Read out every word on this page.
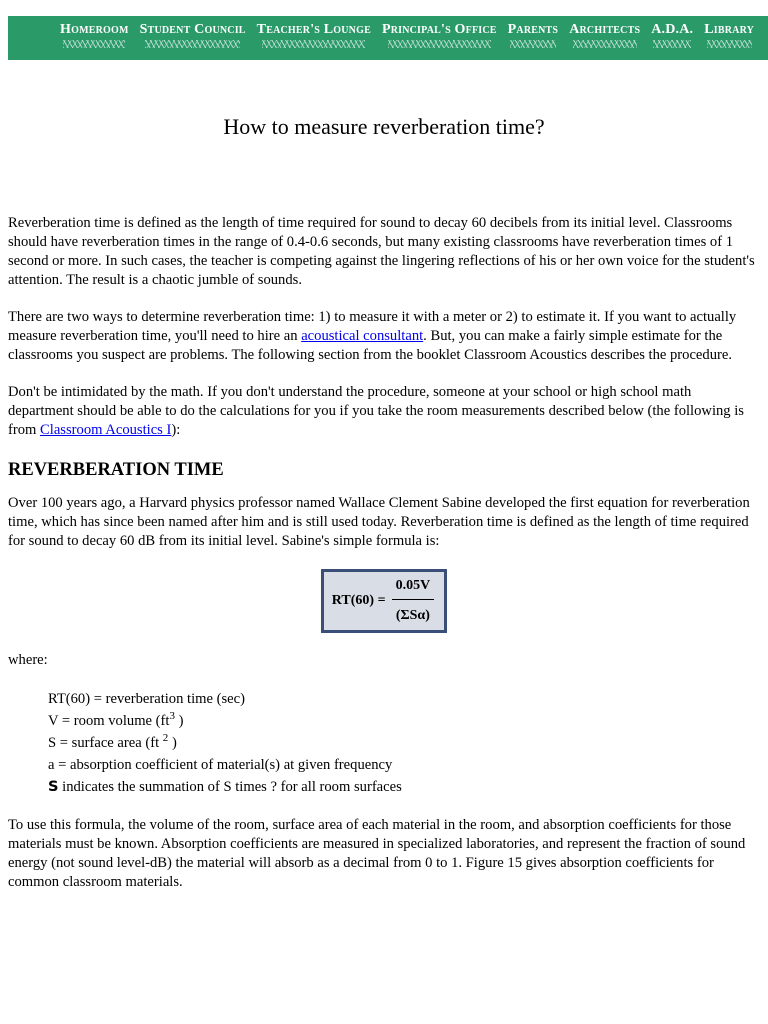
Homeroom Student Council Teacher's Lounge Principal's Office Parents Architects A.D.A. Library
How to measure reverberation time?

Reverberation time is defined as the length of time required for sound to decay 60 decibels from its initial level. Classrooms should have reverberation times in the range of 0.4-0.6 seconds, but many existing classrooms have reverberation times of 1 second or more. In such cases, the teacher is competing against the lingering reflections of his or her own voice for the student's attention. The result is a chaotic jumble of sounds.

There are two ways to determine reverberation time: 1) to measure it with a meter or 2) to estimate it. If you want to actually measure reverberation time, you'll need to hire an acoustical consultant. But, you can make a fairly simple estimate for the classrooms you suspect are problems. The following section from the booklet Classroom Acoustics describes the procedure.

Don't be intimidated by the math. If you don't understand the procedure, someone at your school or high school math department should be able to do the calculations for you if you take the room measurements described below (the following is from Classroom Acoustics I):

REVERBERATION TIME

Over 100 years ago, a Harvard physics professor named Wallace Clement Sabine developed the first equation for reverberation time, which has since been named after him and is still used today. Reverberation time is defined as the length of time required for sound to decay 60 dB from its initial level. Sabine's simple formula is:

$RT(60) = \frac{0.05V}{\text{(ΣSα)}}$

where:

RT(60) = reverberation time (sec)
V = room volume ($ft^3$ )
S = surface area (ft $^2$ )
a = absorption coefficient of material(s) at given frequency
S indicates the summation of S times ? for all room surfaces

To use this formula, the volume of the room, surface area of each material in the room, and absorption coefficients for those materials must be known. Absorption coefficients are measured in specialized laboratories, and represent the fraction of sound energy (not sound level-dB) the material will absorb as a decimal from 0 to 1. Figure 15 gives absorption coefficients for common classroom materials.
